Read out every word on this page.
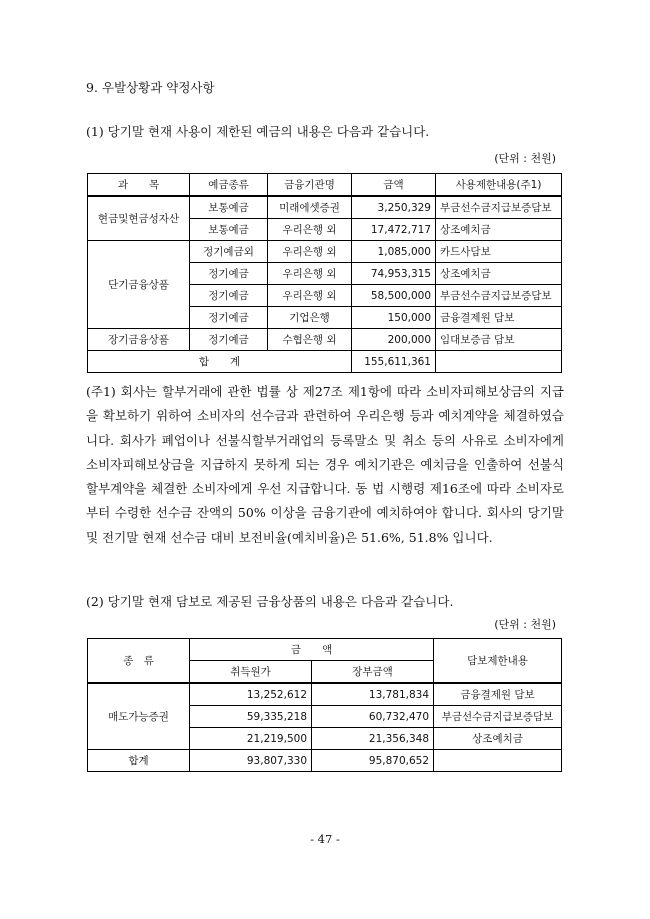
9. 우발상황과 약정사항
(1) 당기말 현재 사용이 제한된 예금의 내용은 다음과 같습니다.
(단위 : 천원)
과　　목	예금종류	금융기관명	금액	사용제한내용(주1)
현금및현금성자산	보통예금	미래에셋증권	3,250,329	부금선수금지급보증담보
	보통예금	우리은행 외	17,472,717	상조예치금
단기금융상품	정기예금외	우리은행 외	1,085,000	카드사담보
	정기예금	우리은행 외	74,953,315	상조예치금
	정기예금	우리은행 외	58,500,000	부금선수금지급보증담보
	정기예금	기업은행	150,000	금융결제원 담보
장기금융상품	정기예금	수협은행 외	200,000	임대보증금 담보
합　　계			155,611,361	
(주1) 회사는 할부거래에 관한 법률 상 제27조 제1항에 따라 소비자피해보상금의 지급을 확보하기 위하여 소비자의 선수금과 관련하여 우리은행 등과 예치계약을 체결하였습니다. 회사가 폐업이나 선불식할부거래업의 등록말소 및 취소 등의 사유로 소비자에게 소비자피해보상금을 지급하지 못하게 되는 경우 예치기관은 예치금을 인출하여 선불식 할부계약을 체결한 소비자에게 우선 지급합니다. 동 법 시행령 제16조에 따라 소비자로부터 수령한 선수금 잔액의 50% 이상을 금융기관에 예치하여야 합니다. 회사의 당기말 및 전기말 현재 선수금 대비 보전비율(예치비율)은 51.6%, 51.8% 입니다.
(2) 당기말 현재 담보로 제공된 금융상품의 내용은 다음과 같습니다.
(단위 : 천원)
종　류	금　　액		담보제한내용
	취득원가	장부금액	
매도가능증권	13,252,612	13,781,834	금융결제원 담보
	59,335,218	60,732,470	부금선수금지급보증담보
	21,219,500	21,356,348	상조예치금
합계	93,807,330	95,870,652	
- 47 -
